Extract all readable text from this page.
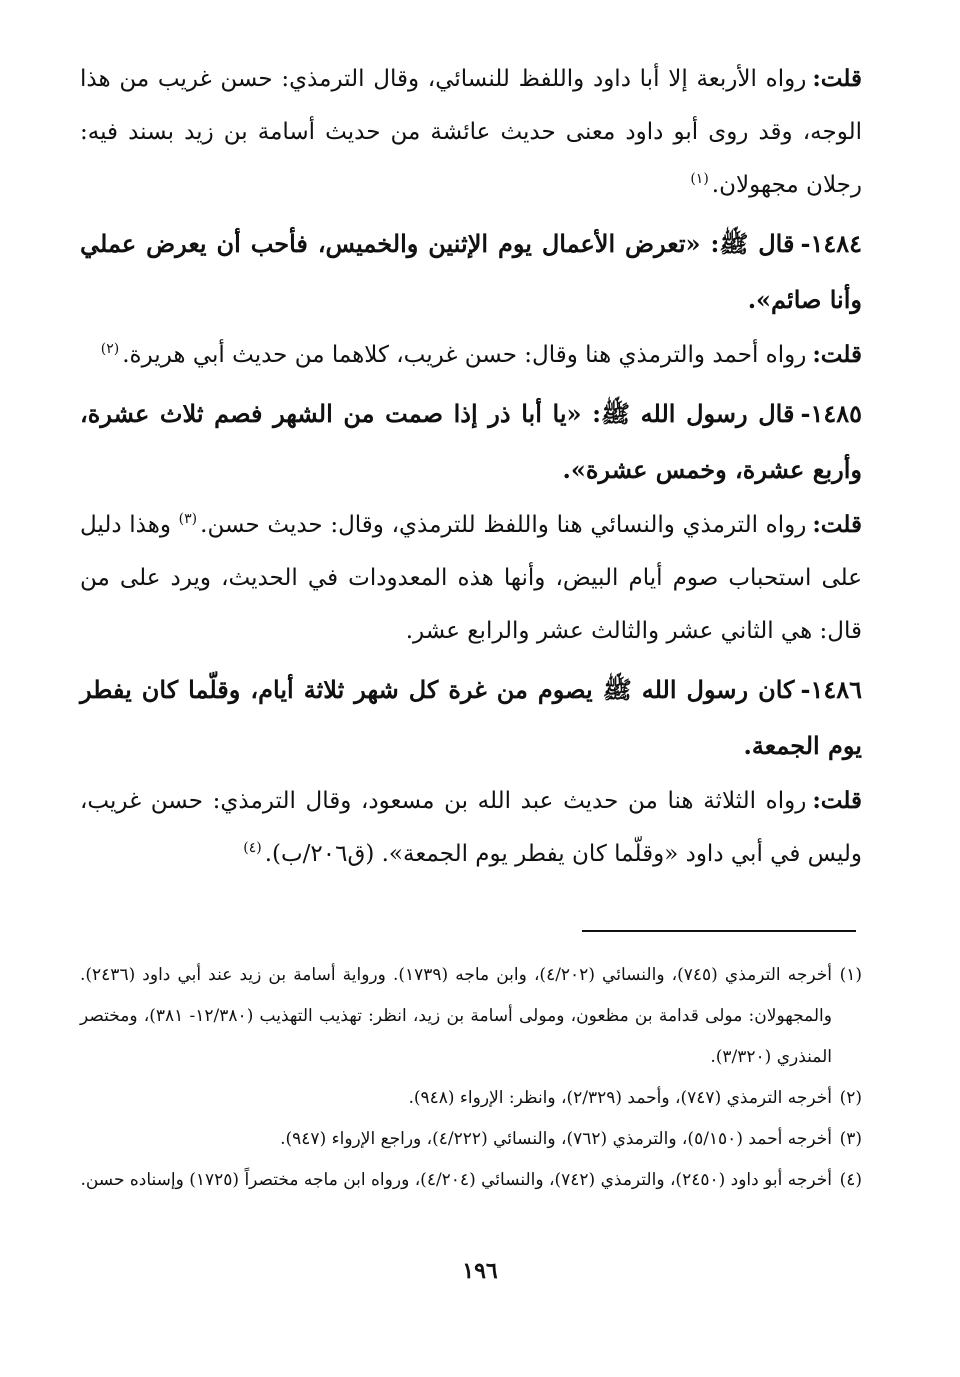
قلت:رواه الأربعة إلا أبا داود واللفظ للنسائي، وقال الترمذي: حسن غريب من هذا الوجه، وقد روى أبو داود معنى حديث عائشة من حديث أسامة بن زيد بسند فيه: رجلان مجهولان.$^{(١)}$

١٤٨٤-قال ﷺ: «تعرض الأعمال يوم الإثنين والخميس، فأحب أن يعرض عملي وأنا صائم».

قلت:رواه أحمد والترمذي هنا وقال: حسن غريب، كلاهما من حديث أبي هريرة.$^{(٢)}$

١٤٨٥-قال رسول الله ﷺ: «يا أبا ذر إذا صمت من الشهر فصم ثلاث عشرة، وأربع عشرة، وخمس عشرة».

قلت:رواه الترمذي والنسائي هنا واللفظ للترمذي، وقال: حديث حسن.$^{(٣)}$ وهذا دليل على استحباب صوم أيام البيض، وأنها هذه المعدودات في الحديث، ويرد على من قال: هي الثاني عشر والثالث عشر والرابع عشر.

١٤٨٦-كان رسول الله ﷺ يصوم من غرة كل شهر ثلاثة أيام، وقلّما كان يفطر يوم الجمعة.

قلت:رواه الثلاثة هنا من حديث عبد الله بن مسعود، وقال الترمذي: حسن غريب، وليس في أبي داود «وقلّما كان يفطر يوم الجمعة». (ق٢٠٦/ب).$^{(٤)}$

(١)أخرجه الترمذي (٧٤٥)، والنسائي (٤/٢٠٢)، وابن ماجه (١٧٣٩). ورواية أسامة بن زيد عند أبي داود (٢٤٣٦). والمجهولان: مولى قدامة بن مظعون، ومولى أسامة بن زيد، انظر: تهذيب التهذيب (١٢/٣٨٠- ٣٨١)، ومختصر المنذري (٣/٣٢٠).

(٢)أخرجه الترمذي (٧٤٧)، وأحمد (٢/٣٢٩)، وانظر: الإرواء (٩٤٨).

(٣)أخرجه أحمد (٥/١٥٠)، والترمذي (٧٦٢)، والنسائي (٤/٢٢٢)، وراجع الإرواء (٩٤٧).

(٤)أخرجه أبو داود (٢٤٥٠)، والترمذي (٧٤٢)، والنسائي (٤/٢٠٤)، ورواه ابن ماجه مختصراً (١٧٢٥) وإسناده حسن.

١٩٦
